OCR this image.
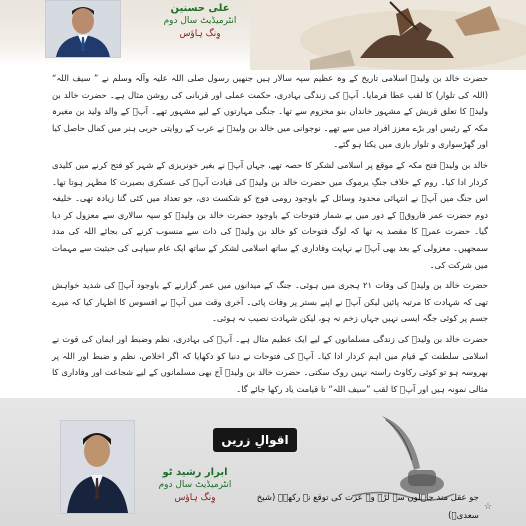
علی حسنین
انٹرمیڈیٹ سال دوم
وِنگ ہاؤس

حضرت خالد بن ولیدؓ اسلامی تاریخ کے وہ عظیم سپہ سالار ہیں جنھیں رسول صلی اللہ علیہ وآلہ وسلم نے ” سیف اللہ“ (اللہ کی تلوار) کا لقب عطا فرمایا۔ آپؓ کی زندگی بہادری، حکمت عملی اور قربانی کی روشن مثال ہے۔ حضرت خالد بن ولیدؓ کا تعلق قریش کے مشہور خاندان بنو مخزوم سے تھا۔ جنگی مہارتوں کے لیے مشہور تھے۔ آپؓ کے والد ولید بن مغیرہ مکہ کے رئیس اور بڑے معزز افراد میں سے تھے۔ نوجوانی میں خالد بن ولیدؓ نے عرب کے روایتی حربی ہنر میں کمال حاصل کیا اور گھڑسواری و تلوار بازی میں یکتا ہو گئے۔

خالد بن ولیدؓ فتح مکہ کے موقع پر اسلامی لشکر کا حصہ تھے، جہاں آپؓ نے بغیر خونریزی کے شہر کو فتح کرنے میں کلیدی کردار ادا کیا۔ روم کے خلاف جنگِ یرموک میں حضرت خالد بن ولیدؓ کی قیادت آپؓ کی عسکری بصیرت کا مظہر ہوتا تھا۔ اس جنگ میں آپؓ نے انتہائی محدود وسائل کے باوجود رومی فوج کو شکست دی، جو تعداد میں کئی گنا زیادہ تھی۔ خلیفہ دوم حضرت عمر فاروقؓ کے دور میں بے شمار فتوحات کے باوجود حضرت خالد بن ولیدؓ کو سپہ سالاری سے معزول کر دیا گیا۔ حضرت عمرؓ کا مقصد یہ تھا کہ لوگ فتوحات کو خالد بن ولیدؓ کی ذات سے منسوب کرنے کی بجائے اللہ کی مدد سمجھیں۔ معزولی کے بعد بھی آپؓ نے نہایت وفاداری کے ساتھ اسلامی لشکر کے ساتھ ایک عام سپاہی کی حیثیت سے مہمات میں شرکت کی۔

حضرت خالد بن ولیدؓ کی وفات ۲۱ ہجری میں ہوئی۔ جنگ کے میدانوں میں عمر گزارنے کے باوجود آپؓ کی شدید خواہش تھی کہ شہادت کا مرتبہ پائیں لیکن آپؓ نے اپنے بستر پر وفات پائی۔ آخری وقت میں آپؓ نے افسوس کا اظہار کیا کہ میرے جسم پر کوئی جگہ ایسی نہیں جہاں زخم نہ ہو، لیکن شہادت نصیب نہ ہوئی۔

حضرت خالد بن ولیدؓ کی زندگی مسلمانوں کے لیے ایک عظیم مثال ہے۔ آپؓ کی بہادری، نظم وضبط اور ایمان کی قوت نے اسلامی سلطنت کے قیام میں اہم کردار ادا کیا۔ آپؓ کی فتوحات نے دنیا کو دکھایا کہ اگر اخلاص، نظم و ضبط اور اللہ پر بھروسہ ہو تو کوئی رکاوٹ راستہ نہیں روک سکتی۔ حضرت خالد بن ولیدؓ آج بھی مسلمانوں کے لیے شجاعت اور وفاداری کا مثالی نمونہ ہیں اور آپؓ کا لقب ”سیف اللہ“ تا قیامت یاد رکھا جائے گا۔

ابرار رشید ٹو
انٹرمیڈیٹ سال دوم
وِنگ ہاؤس
اقوالِ زریں
☆
جو عقل مند جاہلوں سے لڑے وہ عزت کی توقع نہ رکھے۔ (شیخ سعدیؒ)
